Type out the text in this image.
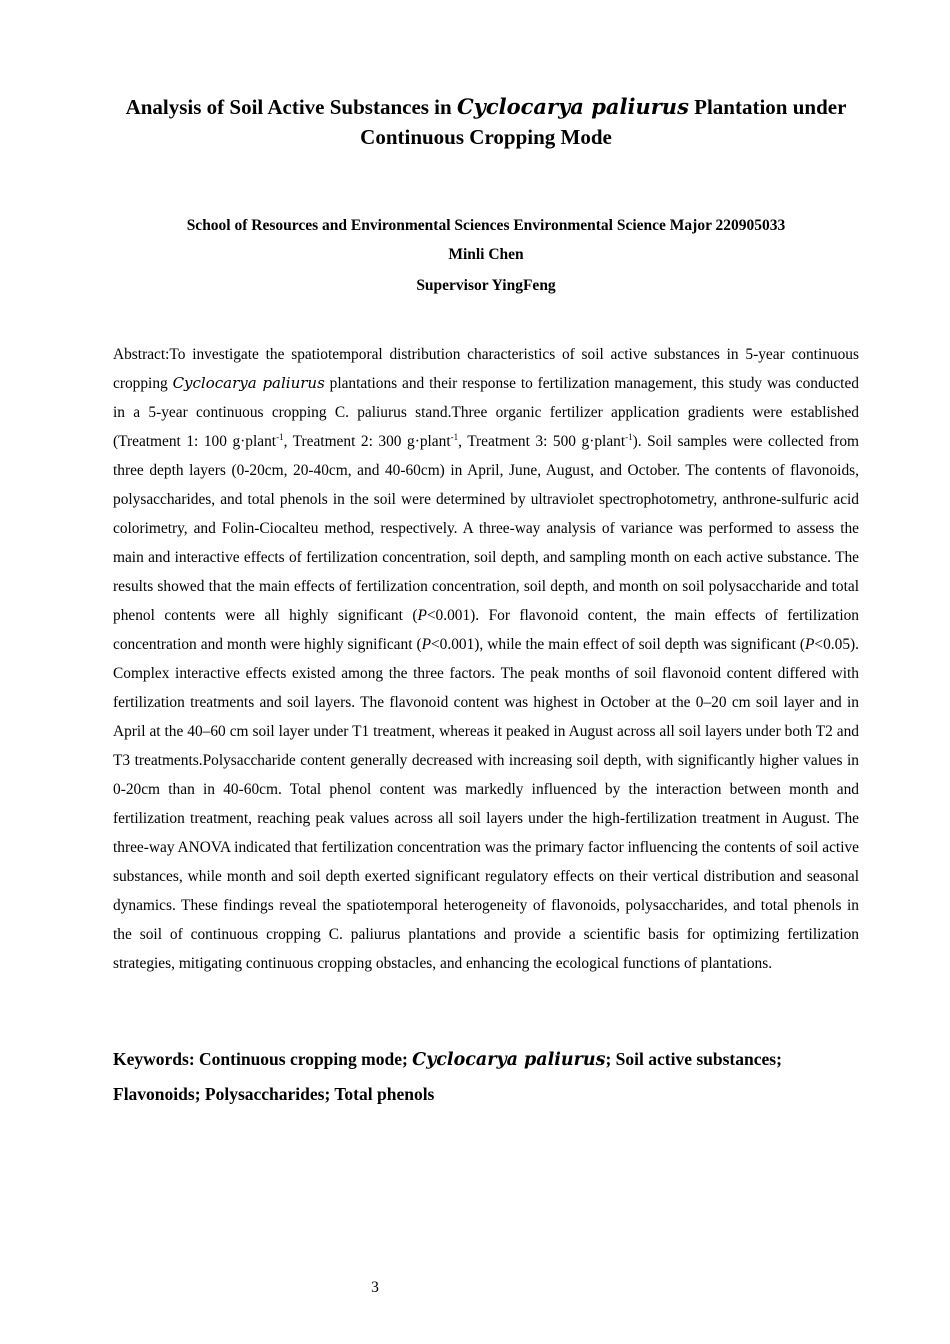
Analysis of Soil Active Substances in Cyclocarya paliurus Plantation under Continuous Cropping Mode
School of Resources and Environmental Sciences Environmental Science Major 220905033
Minli Chen
Supervisor YingFeng
Abstract:To investigate the spatiotemporal distribution characteristics of soil active substances in 5-year continuous cropping Cyclocarya paliurus plantations and their response to fertilization management, this study was conducted in a 5-year continuous cropping C. paliurus stand.Three organic fertilizer application gradients were established (Treatment 1: 100 g·plant$^{-1}$, Treatment 2: 300 g·plant$^{-1}$, Treatment 3: 500 g·plant$^{-1}$). Soil samples were collected from three depth layers (0-20cm, 20-40cm, and 40-60cm) in April, June, August, and October. The contents of flavonoids, polysaccharides, and total phenols in the soil were determined by ultraviolet spectrophotometry, anthrone-sulfuric acid colorimetry, and Folin-Ciocalteu method, respectively. A three-way analysis of variance was performed to assess the main and interactive effects of fertilization concentration, soil depth, and sampling month on each active substance. The results showed that the main effects of fertilization concentration, soil depth, and month on soil polysaccharide and total phenol contents were all highly significant (P<0.001). For flavonoid content, the main effects of fertilization concentration and month were highly significant (P<0.001), while the main effect of soil depth was significant (P<0.05). Complex interactive effects existed among the three factors. The peak months of soil flavonoid content differed with fertilization treatments and soil layers. The flavonoid content was highest in October at the 0–20 cm soil layer and in April at the 40–60 cm soil layer under T1 treatment, whereas it peaked in August across all soil layers under both T2 and T3 treatments.Polysaccharide content generally decreased with increasing soil depth, with significantly higher values in 0-20cm than in 40-60cm. Total phenol content was markedly influenced by the interaction between month and fertilization treatment, reaching peak values across all soil layers under the high-fertilization treatment in August. The three-way ANOVA indicated that fertilization concentration was the primary factor influencing the contents of soil active substances, while month and soil depth exerted significant regulatory effects on their vertical distribution and seasonal dynamics. These findings reveal the spatiotemporal heterogeneity of flavonoids, polysaccharides, and total phenols in the soil of continuous cropping C. paliurus plantations and provide a scientific basis for optimizing fertilization strategies, mitigating continuous cropping obstacles, and enhancing the ecological functions of plantations.
Keywords: Continuous cropping mode; Cyclocarya paliurus; Soil active substances; Flavonoids; Polysaccharides; Total phenols
3
